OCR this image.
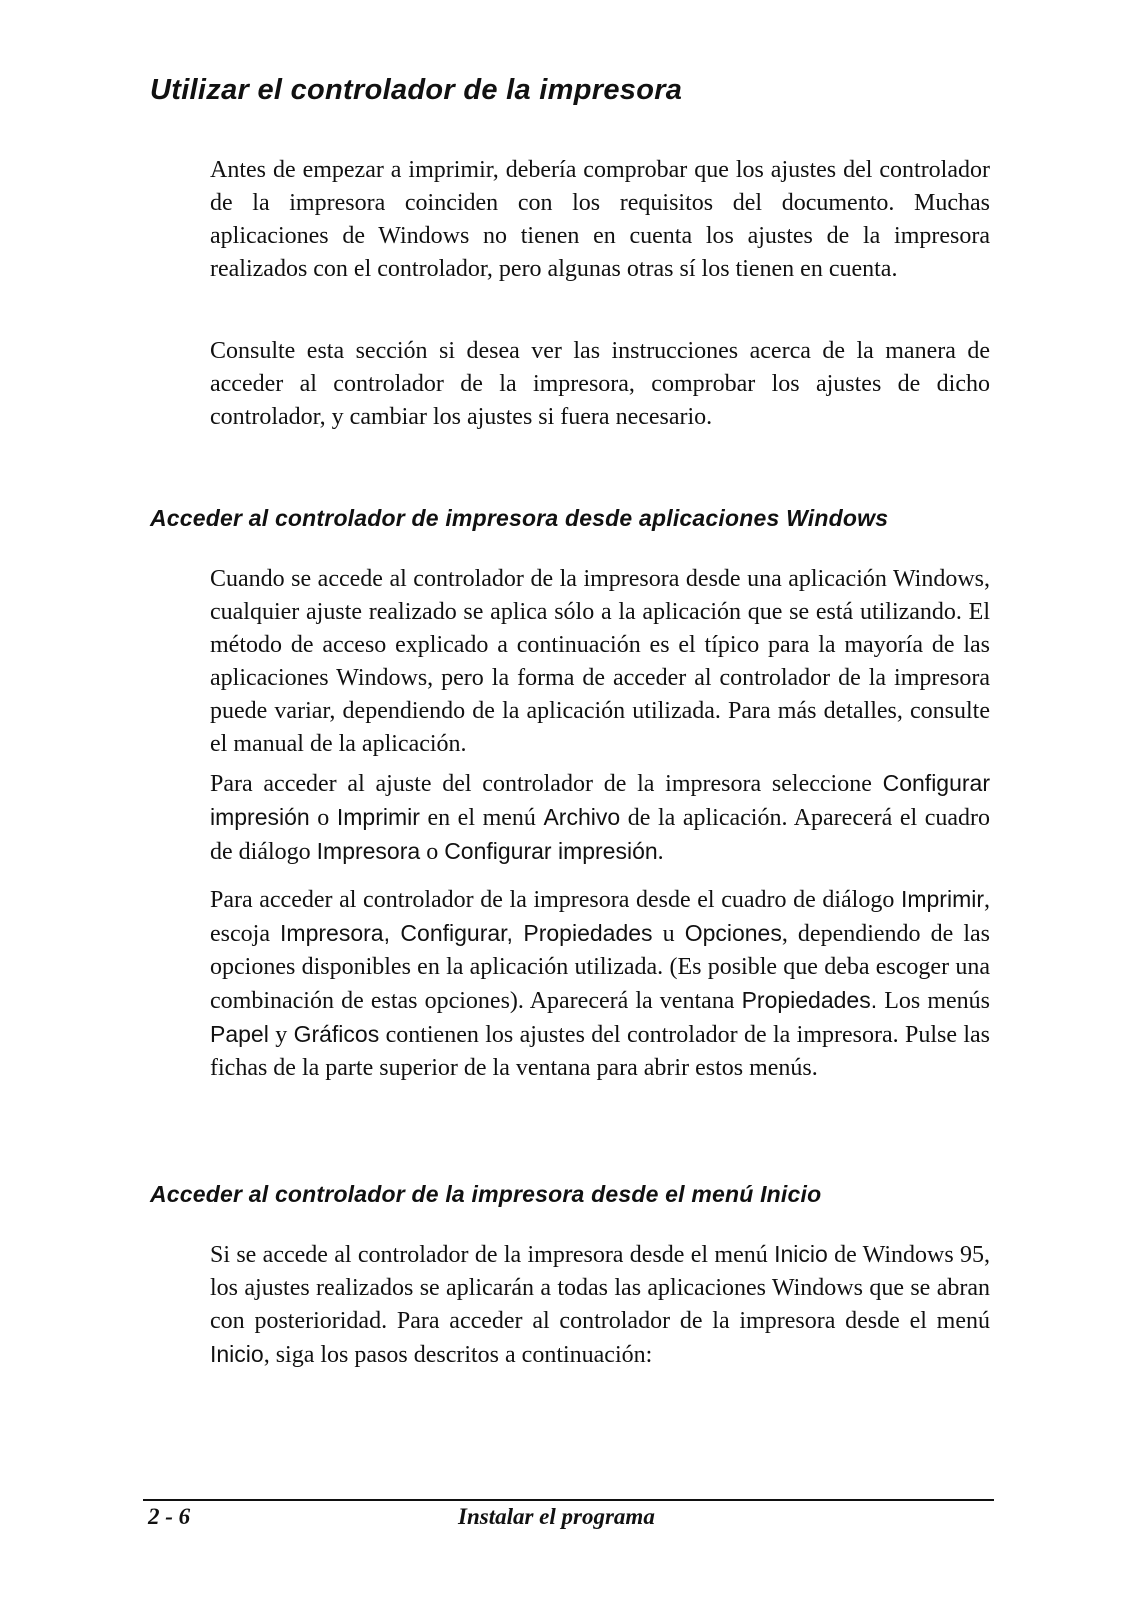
Utilizar el controlador de la impresora

Antes de empezar a imprimir, debería comprobar que los ajustes del controlador de la impresora coinciden con los requisitos del documento. Muchas aplicaciones de Windows no tienen en cuenta los ajustes de la impresora realizados con el controlador, pero algunas otras sí los tienen en cuenta.

Consulte esta sección si desea ver las instrucciones acerca de la manera de acceder al controlador de la impresora, comprobar los ajustes de dicho controlador, y cambiar los ajustes si fuera necesario.

Acceder al controlador de impresora desde aplicaciones Windows

Cuando se accede al controlador de la impresora desde una aplicación Windows, cualquier ajuste realizado se aplica sólo a la aplicación que se está utilizando. El método de acceso explicado a continuación es el típico para la mayoría de las aplicaciones Windows, pero la forma de acceder al controlador de la impresora puede variar, dependiendo de la aplicación utilizada. Para más detalles, consulte el manual de la aplicación.

Para acceder al ajuste del controlador de la impresora seleccione Configurar impresión o Imprimir en el menú Archivo de la aplicación. Aparecerá el cuadro de diálogo Impresora o Configurar impresión.

Para acceder al controlador de la impresora desde el cuadro de diálogo Imprimir, escoja Impresora, Configurar, Propiedades u Opciones, dependiendo de las opciones disponibles en la aplicación utilizada. (Es posible que deba escoger una combinación de estas opciones). Aparecerá la ventana Propiedades. Los menús Papel y Gráficos contienen los ajustes del controlador de la impresora. Pulse las fichas de la parte superior de la ventana para abrir estos menús.

Acceder al controlador de la impresora desde el menú Inicio

Si se accede al controlador de la impresora desde el menú Inicio de Windows 95, los ajustes realizados se aplicarán a todas las aplicaciones Windows que se abran con posterioridad. Para acceder al controlador de la impresora desde el menú Inicio, siga los pasos descritos a continuación:

2 - 6	Instalar el programa
